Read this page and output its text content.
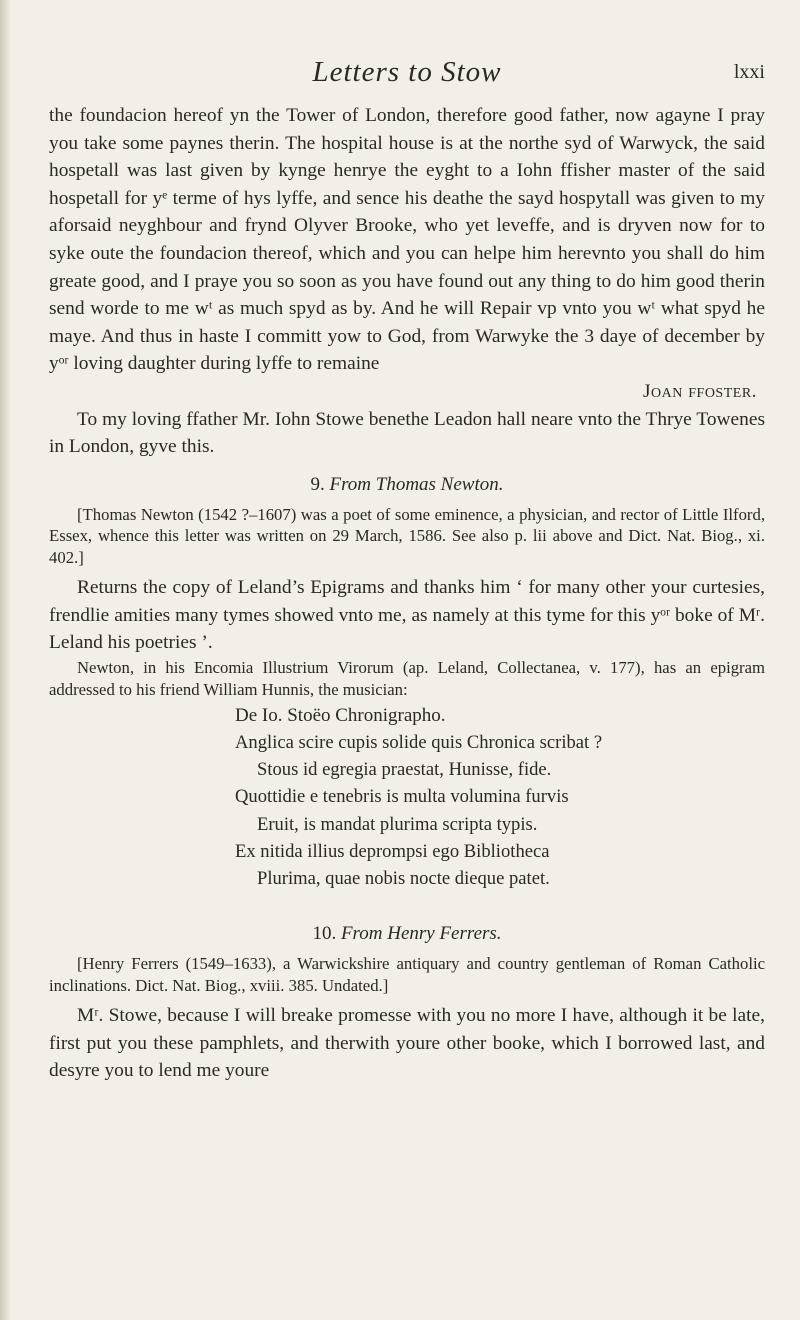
Letters to Stow	lxxi

the foundacion hereof yn the Tower of London, therefore good father, now agayne I pray you take some paynes therin. The hospital house is at the northe syd of Warwyck, the said hospetall was last given by kynge henrye the eyght to a Iohn ffisher master of the said hospetall for yᵉ terme of hys lyffe, and sence his deathe the sayd hospytall was given to my aforsaid neyghbour and frynd Olyver Brooke, who yet leveffe, and is dryven now for to syke oute the foundacion thereof, which and you can helpe him herevnto you shall do him greate good, and I praye you so soon as you have found out any thing to do him good therin send worde to me wᵗ as much spyd as by. And he will Repair vp vnto you wᵗ what spyd he maye. And thus in haste I committ yow to God, from Warwyke the 3 daye of december by yᵒʳ loving daughter during lyffe to remaine

Joan ffoster.

To my loving ffather Mr. Iohn Stowe benethe Leadon hall neare vnto the Thrye Towenes in London, gyve this.

9. From Thomas Newton.

[Thomas Newton (1542 ?–1607) was a poet of some eminence, a physician, and rector of Little Ilford, Essex, whence this letter was written on 29 March, 1586. See also p. lii above and Dict. Nat. Biog., xi. 402.]

Returns the copy of Leland’s Epigrams and thanks him ‘ for many other your curtesies, frendlie amities many tymes showed vnto me, as namely at this tyme for this yᵒʳ boke of Mʳ. Leland his poetries ’.

Newton, in his Encomia Illustrium Virorum (ap. Leland, Collectanea, v. 177), has an epigram addressed to his friend William Hunnis, the musician:

De Io. Stoëo Chronigrapho.
Anglica scire cupis solide quis Chronica scribat ?
Stous id egregia praestat, Hunisse, fide.
Quottidie e tenebris is multa volumina furvis
Eruit, is mandat plurima scripta typis.
Ex nitida illius deprompsi ego Bibliotheca
Plurima, quae nobis nocte dieque patet.
10. From Henry Ferrers.

[Henry Ferrers (1549–1633), a Warwickshire antiquary and country gentleman of Roman Catholic inclinations. Dict. Nat. Biog., xviii. 385. Undated.]

Mʳ. Stowe, because I will breake promesse with you no more I have, although it be late, first put you these pamphlets, and therwith youre other booke, which I borrowed last, and desyre you to lend me youre
